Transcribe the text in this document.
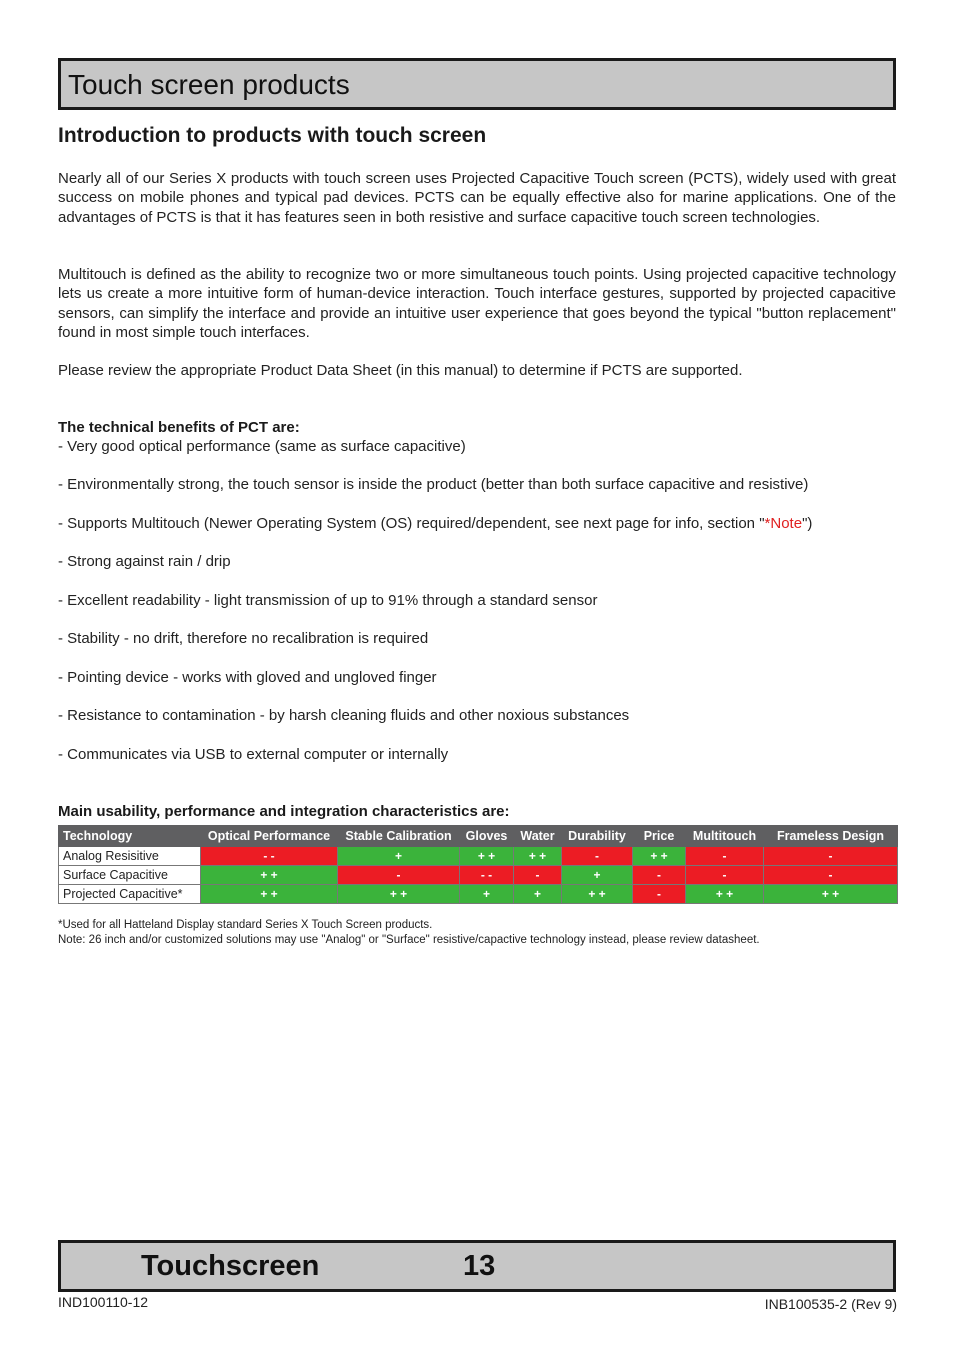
Touch screen products
Introduction to products with touch screen

Nearly all of our Series X products with touch screen uses Projected Capacitive Touch screen (PCTS), widely used with great success on mobile phones and typical pad devices. PCTS can be equally effective also for marine applications. One of the advantages of PCTS is that it has features seen in both resistive and surface capacitive touch screen technologies.

Multitouch is defined as the ability to recognize two or more simultaneous touch points. Using projected capacitive technology lets us create a more intuitive form of human-device interaction. Touch interface gestures, supported by projected capacitive sensors, can simplify the interface and provide an intuitive user experience that goes beyond the typical "button replacement" found in most simple touch interfaces.

Please review the appropriate Product Data Sheet (in this manual) to determine if PCTS are supported.

The technical benefits of PCT are:

- Very good optical performance (same as surface capacitive)

- Environmentally strong, the touch sensor is inside the product (better than both surface capacitive and resistive)

- Supports Multitouch (Newer Operating System (OS) required/dependent, see next page for info, section "*Note")

- Strong against rain / drip

- Excellent readability - light transmission of up to 91% through a standard sensor

- Stability - no drift, therefore no recalibration is required

- Pointing device - works with gloved and ungloved finger

- Resistance to contamination - by harsh cleaning fluids and other noxious substances

- Communicates via USB to external computer or internally

Main usability, performance and integration characteristics are:

Technology	Optical Performance	Stable Calibration	Gloves	Water	Durability	Price	Multitouch	Frameless Design
Analog Resisitive	- -	+	+ +	+ +	-	+ +	-	-
Surface Capacitive	+ +	-	- -	-	+	-	-	-
Projected Capacitive*	+ +	+ +	+	+	+ +	-	+ +	+ +

*Used for all Hatteland Display standard Series X Touch Screen products.

Note: 26 inch and/or customized solutions may use "Analog" or "Surface" resistive/capactive technology instead, please review datasheet.

Touchscreen	13
IND100110-12	INB100535-2 (Rev 9)
